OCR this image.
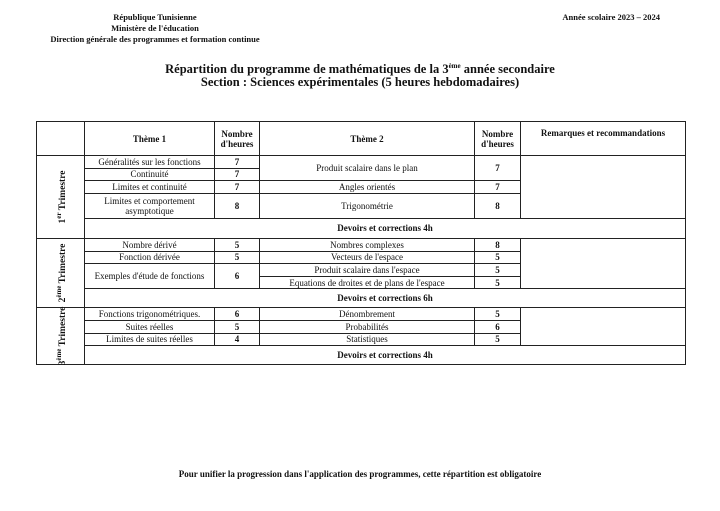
République Tunisienne
Ministère de l'éducation
Direction générale des programmes et formation continue
Année scolaire 2023 – 2024
Répartition du programme de mathématiques de la 3ème année secondaire
Section : Sciences expérimentales (5 heures hebdomadaires)
	Thème 1	Nombre d'heures	Thème 2	Nombre d'heures	Remarques et recommandations

1er Trimestre	Généralités sur les fonctions	7	Produit scalaire dans le plan	7	
	Continuité	7			
	Limites et continuité	7	Angles orientés	7	
	Limites et comportement asymptotique	8	Trigonométrie	8	
	Devoirs et corrections 4h				

2ème Trimestre	Nombre dérivé	5	Nombres complexes	8	
	Fonction dérivée	5	Vecteurs de l'espace	5	
	Exemples d'étude de fonctions	6	Produit scalaire dans l'espace	5	
			Equations de droites et de plans de l'espace	5	
	Devoirs et corrections 6h				

3ème Trimestre	Fonctions trigonométriques.	6	Dénombrement	5	
	Suites réelles	5	Probabilités	6	
	Limites de suites réelles	4	Statistiques	5	
	Devoirs et corrections 4h				
Pour unifier la progression dans l'application des programmes, cette répartition est obligatoire
